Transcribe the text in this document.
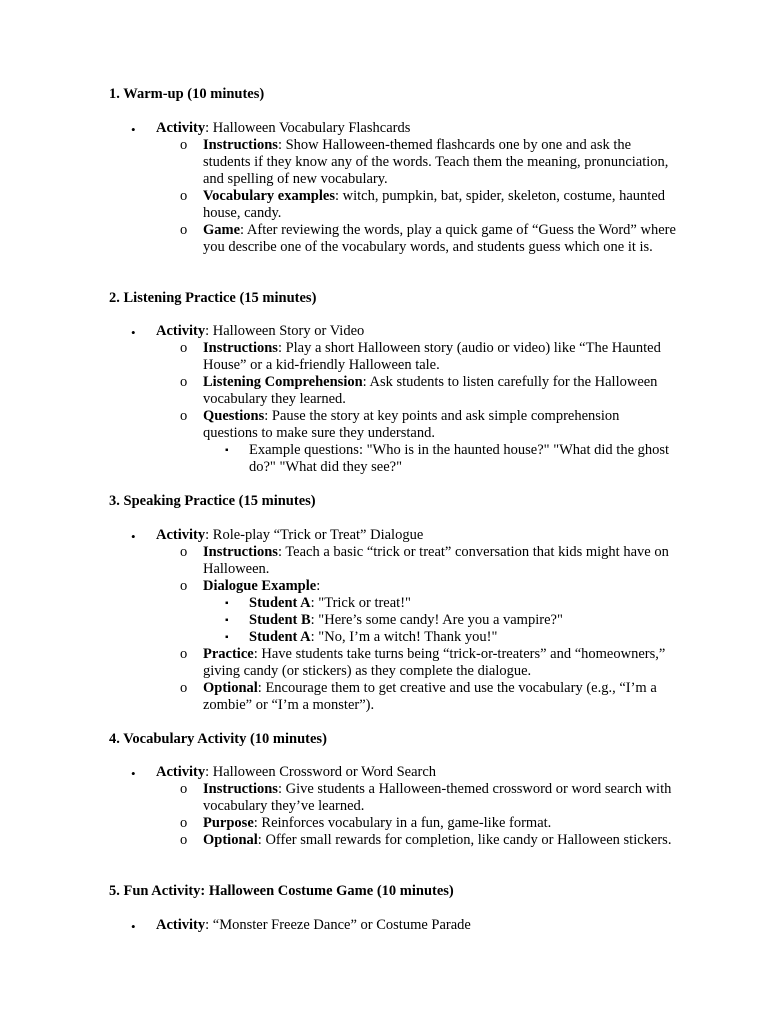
1. Warm-up (10 minutes)
• Activity: Halloween Vocabulary Flashcards
o Instructions: Show Halloween-themed flashcards one by one and ask the students if they know any of the words. Teach them the meaning, pronunciation, and spelling of new vocabulary.
o Vocabulary examples: witch, pumpkin, bat, spider, skeleton, costume, haunted house, candy.
o Game: After reviewing the words, play a quick game of “Guess the Word” where you describe one of the vocabulary words, and students guess which one it is.
2. Listening Practice (15 minutes)
• Activity: Halloween Story or Video
o Instructions: Play a short Halloween story (audio or video) like “The Haunted House” or a kid-friendly Halloween tale.
o Listening Comprehension: Ask students to listen carefully for the Halloween vocabulary they learned.
o Questions: Pause the story at key points and ask simple comprehension questions to make sure they understand.
▪ Example questions: "Who is in the haunted house?" "What did the ghost do?" "What did they see?"
3. Speaking Practice (15 minutes)
• Activity: Role-play “Trick or Treat” Dialogue
o Instructions: Teach a basic “trick or treat” conversation that kids might have on Halloween.
o Dialogue Example:
▪ Student A: "Trick or treat!"
▪ Student B: "Here’s some candy! Are you a vampire?"
▪ Student A: "No, I’m a witch! Thank you!"
o Practice: Have students take turns being “trick-or-treaters” and “homeowners,” giving candy (or stickers) as they complete the dialogue.
o Optional: Encourage them to get creative and use the vocabulary (e.g., “I’m a zombie” or “I’m a monster”).
4. Vocabulary Activity (10 minutes)
• Activity: Halloween Crossword or Word Search
o Instructions: Give students a Halloween-themed crossword or word search with vocabulary they’ve learned.
o Purpose: Reinforces vocabulary in a fun, game-like format.
o Optional: Offer small rewards for completion, like candy or Halloween stickers.
5. Fun Activity: Halloween Costume Game (10 minutes)
• Activity: “Monster Freeze Dance” or Costume Parade
